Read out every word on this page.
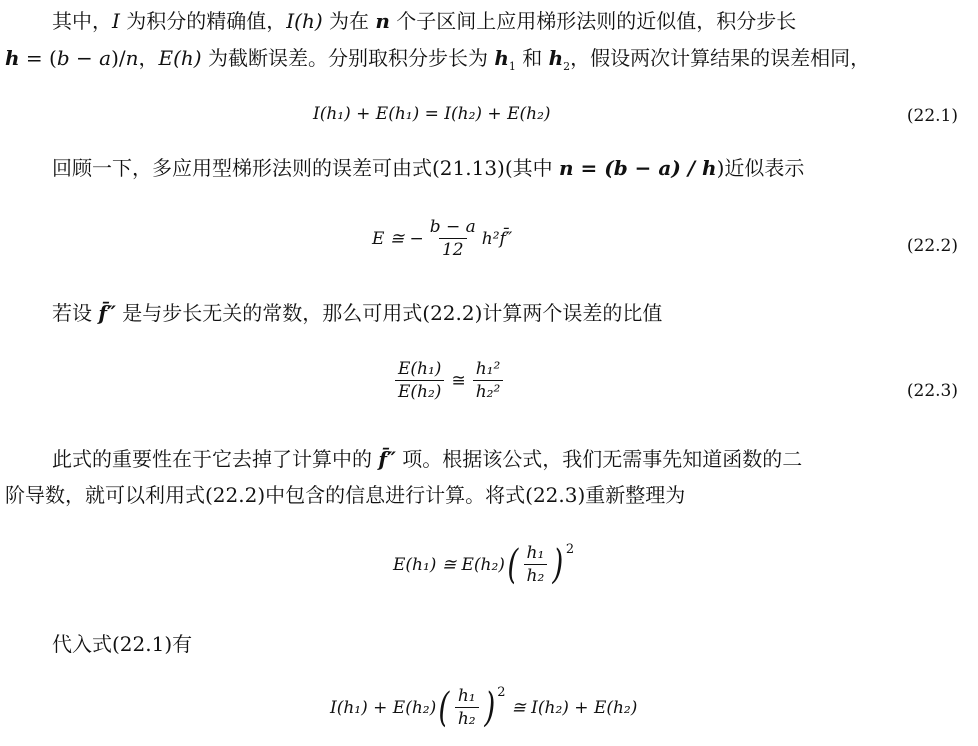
其中，I 为积分的精确值，I(h) 为在 n 个子区间上应用梯形法则的近似值，积分步长
h = (b − a)/n，E(h) 为截断误差。分别取积分步长为 $h_1$ 和 $h_2$，假设两次计算结果的误差相同，
I(h₁) + E(h₁) = I(h₂) + E(h₂)	(22.1)
回顾一下，多应用型梯形法则的误差可由式(21.13)(其中 n = (b − a) / h)近似表示
E ≅ − $\frac{b - a}{12}$ h²f̄″	(22.2)
若设 f̄″ 是与步长无关的常数，那么可用式(22.2)计算两个误差的比值
$\frac{\text{E(h₁)}}{\text{E(h₂)}}$ ≅ $\frac{\text{h₁²}}{\text{h₂²}}$	(22.3)
此式的重要性在于它去掉了计算中的 f̄″ 项。根据该公式，我们无需事先知道函数的二
阶导数，就可以利用式(22.2)中包含的信息进行计算。将式(22.3)重新整理为
E(h₁) ≅ E(h₂) ( $\frac{\text{h₁}}{\text{h₂}} )^2$
代入式(22.1)有
I(h₁) + E(h₂) ( $\frac{\text{h₁}}{\text{h₂}} )^2$
≅ I(h₂) + E(h₂)
